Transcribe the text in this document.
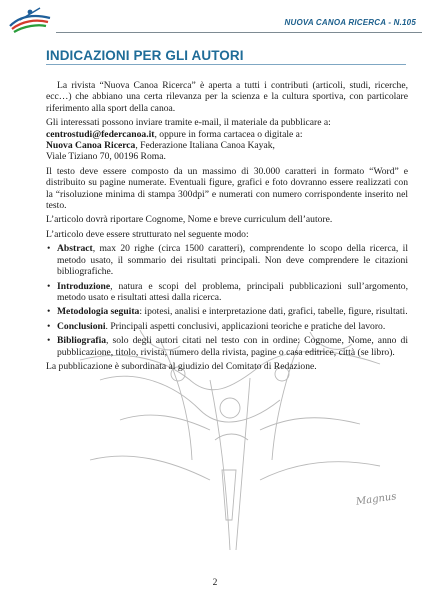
NUOVA CANOA RICERCA - N.105
INDICAZIONI PER GLI AUTORI
Magnus

La rivista “Nuova Canoa Ricerca” è aperta a tutti i contributi (articoli, studi, ricerche, ecc…) che abbiano una certa rilevanza per la scienza e la cultura sportiva, con particolare riferimento alla sport della canoa.

Gli interessati possono inviare tramite e-mail, il materiale da pubblicare a:
centrostudi@federcanoa.it, oppure in forma cartacea o digitale a:
Nuova Canoa Ricerca, Federazione Italiana Canoa Kayak,
Viale Tiziano 70, 00196 Roma.

Il testo deve essere composto da un massimo di 30.000 caratteri in formato “Word” e distribuito su pagine numerate. Eventuali figure, grafici e foto dovranno essere realizzati con la “risoluzione minima di stampa 300dpi” e numerati con numero corrispondente inserito nel testo.

L’articolo dovrà riportare Cognome, Nome e breve curriculum dell’autore.

L’articolo deve essere strutturato nel seguente modo:

• Abstract, max 20 righe (circa 1500 caratteri), comprendente lo scopo della ricerca, il metodo usato, il sommario dei risultati principali. Non deve comprendere le citazioni bibliografiche.
• Introduzione, natura e scopi del problema, principali pubblicazioni sull’argomento, metodo usato e risultati attesi dalla ricerca.
• Metodologia seguita: ipotesi, analisi e interpretazione dati, grafici, tabelle, figure, risultati.
• Conclusioni. Principali aspetti conclusivi, applicazioni teoriche e pratiche del lavoro.
• Bibliografia, solo degli autori citati nel testo con in ordine: Cognome, Nome, anno di pubblicazione, titolo, rivista, numero della rivista, pagine o casa editrice, città (se libro).

La pubblicazione è subordinata al giudizio del Comitato di Redazione.

2
